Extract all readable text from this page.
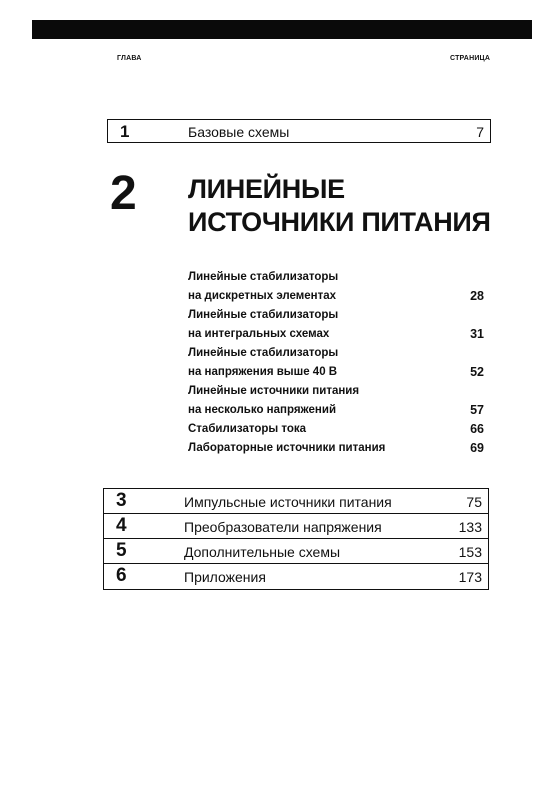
ГЛАВА	СТРАНИЦА
1	Базовые схемы	7
2 ЛИНЕЙНЫЕ
ИСТОЧНИКИ ПИТАНИЯ
Линейные стабилизаторы
на дискретных элементах	28
Линейные стабилизаторы
на интегральных схемах	31
Линейные стабилизаторы
на напряжения выше 40 В	52
Линейные источники питания
на несколько напряжений	57
Стабилизаторы тока	66
Лабораторные источники питания	69
3	Импульсные источники питания	75
4	Преобразователи напряжения	133
5	Дополнительные схемы	153
6	Приложения	173
